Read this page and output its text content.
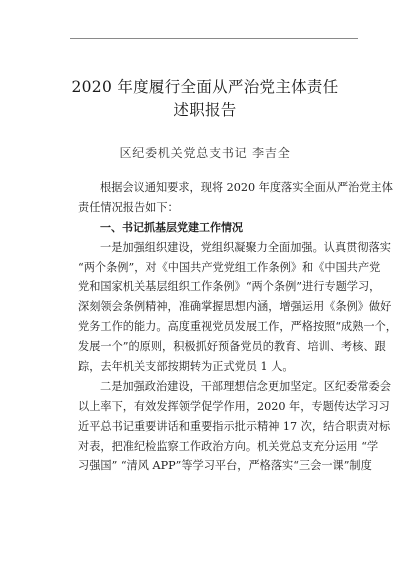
2020 年度履行全面从严治党主体责任
述职报告
区纪委机关党总支书记 李吉全
根据会议通知要求，现将 2020 年度落实全面从严治党主体
责任情况报告如下：
一、书记抓基层党建工作情况
一是加强组织建设，党组织凝聚力全面加强。认真贯彻落实
“两个条例”，对《中国共产党党组工作条例》和《中国共产党
党和国家机关基层组织工作条例》“两个条例”进行专题学习，
深刻领会条例精神，准确掌握思想内涵，增强运用《条例》做好
党务工作的能力。高度重视党员发展工作，严格按照“成熟一个，
发展一个”的原则，积极抓好预备党员的教育、培训、考核、跟
踪，去年机关支部按期转为正式党员 1 人。
二是加强政治建设，干部理想信念更加坚定。区纪委常委会
以上率下，有效发挥领学促学作用，2020 年，专题传达学习习
近平总书记重要讲话和重要指示批示精神 17 次，结合职责对标
对表，把准纪检监察工作政治方向。机关党总支充分运用 “学
习强国” “清风 APP”等学习平台，严格落实“三会一课”制度
